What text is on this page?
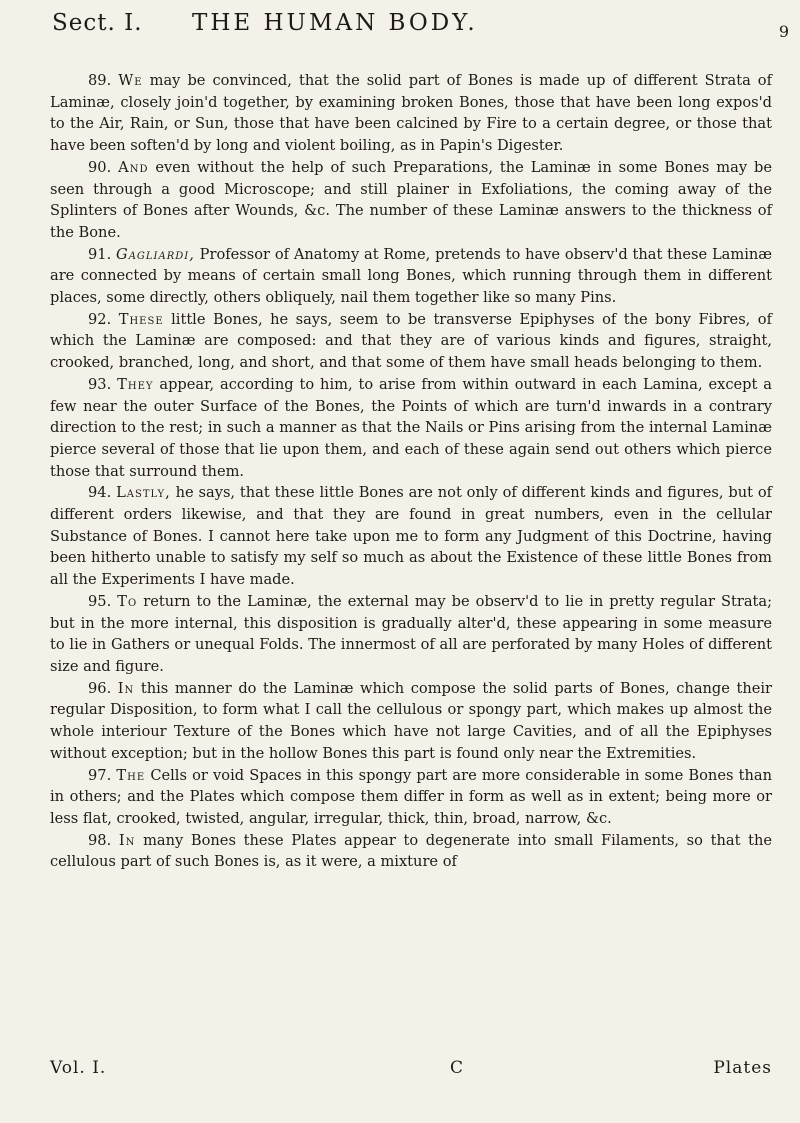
Sect. I. THE HUMAN BODY.	9

89. We may be convinced, that the solid part of Bones is made up of different Strata of Laminæ, closely join'd together, by examining broken Bones, those that have been long expos'd to the Air, Rain, or Sun, those that have been calcined by Fire to a certain degree, or those that have been soften'd by long and violent boiling, as in Papin's Digester.

90. And even without the help of such Preparations, the Laminæ in some Bones may be seen through a good Microscope; and still plainer in Exfoliations, the coming away of the Splinters of Bones after Wounds, &c. The number of these Laminæ answers to the thickness of the Bone.

91. Gagliardi, Professor of Anatomy at Rome, pretends to have observ'd that these Laminæ are connected by means of certain small long Bones, which running through them in different places, some directly, others obliquely, nail them together like so many Pins.

92. These little Bones, he says, seem to be transverse Epiphyses of the bony Fibres, of which the Laminæ are composed: and that they are of various kinds and figures, straight, crooked, branched, long, and short, and that some of them have small heads belonging to them.

93. They appear, according to him, to arise from within outward in each Lamina, except a few near the outer Surface of the Bones, the Points of which are turn'd inwards in a contrary direction to the rest; in such a manner as that the Nails or Pins arising from the internal Laminæ pierce several of those that lie upon them, and each of these again send out others which pierce those that surround them.

94. Lastly, he says, that these little Bones are not only of different kinds and figures, but of different orders likewise, and that they are found in great numbers, even in the cellular Substance of Bones. I cannot here take upon me to form any Judgment of this Doctrine, having been hitherto unable to satisfy my self so much as about the Existence of these little Bones from all the Experiments I have made.

95. To return to the Laminæ, the external may be observ'd to lie in pretty regular Strata; but in the more internal, this disposition is gradually alter'd, these appearing in some measure to lie in Gathers or unequal Folds. The innermost of all are perforated by many Holes of different size and figure.

96. In this manner do the Laminæ which compose the solid parts of Bones, change their regular Disposition, to form what I call the cellulous or spongy part, which makes up almost the whole interiour Texture of the Bones which have not large Cavities, and of all the Epiphyses without exception; but in the hollow Bones this part is found only near the Extremities.

97. The Cells or void Spaces in this spongy part are more considerable in some Bones than in others; and the Plates which compose them differ in form as well as in extent; being more or less flat, crooked, twisted, angular, irregular, thick, thin, broad, narrow, &c.

98. In many Bones these Plates appear to degenerate into small Filaments, so that the cellulous part of such Bones is, as it were, a mixture of

Vol. I.	C	Plates
